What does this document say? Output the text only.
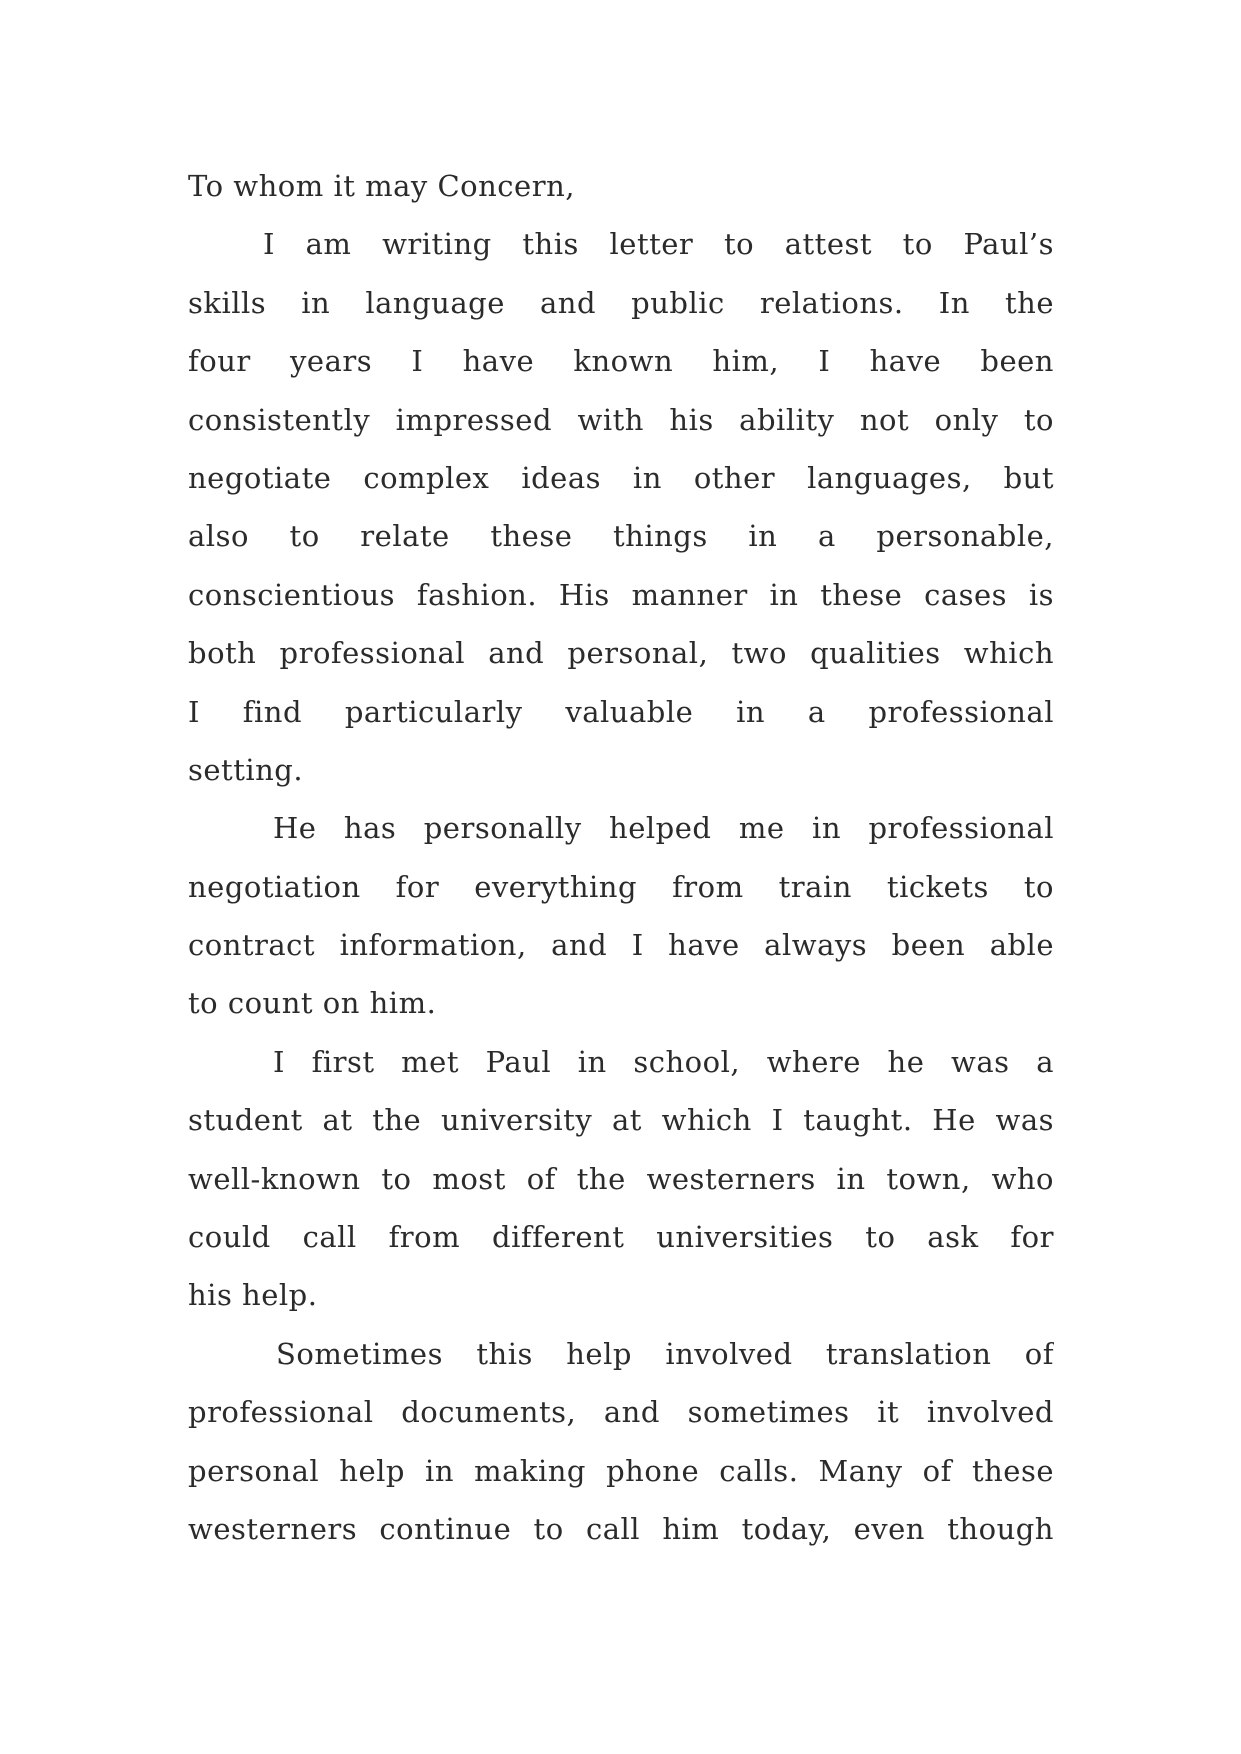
To whom it may Concern,
I am writing this letter to attest to Paul’s
skills in language and public relations. In the
four years I have known him, I have been
consistently impressed with his ability not only to
negotiate complex ideas in other languages, but
also to relate these things in a personable,
conscientious fashion. His manner in these cases is
both professional and personal, two qualities which
I find particularly valuable in a professional
setting.
He has personally helped me in professional
negotiation for everything from train tickets to
contract information, and I have always been able
to count on him.
I first met Paul in school, where he was a
student at the university at which I taught. He was
well-known to most of the westerners in town, who
could call from different universities to ask for
his help.
Sometimes this help involved translation of
professional documents, and sometimes it involved
personal help in making phone calls. Many of these
westerners continue to call him today, even though
